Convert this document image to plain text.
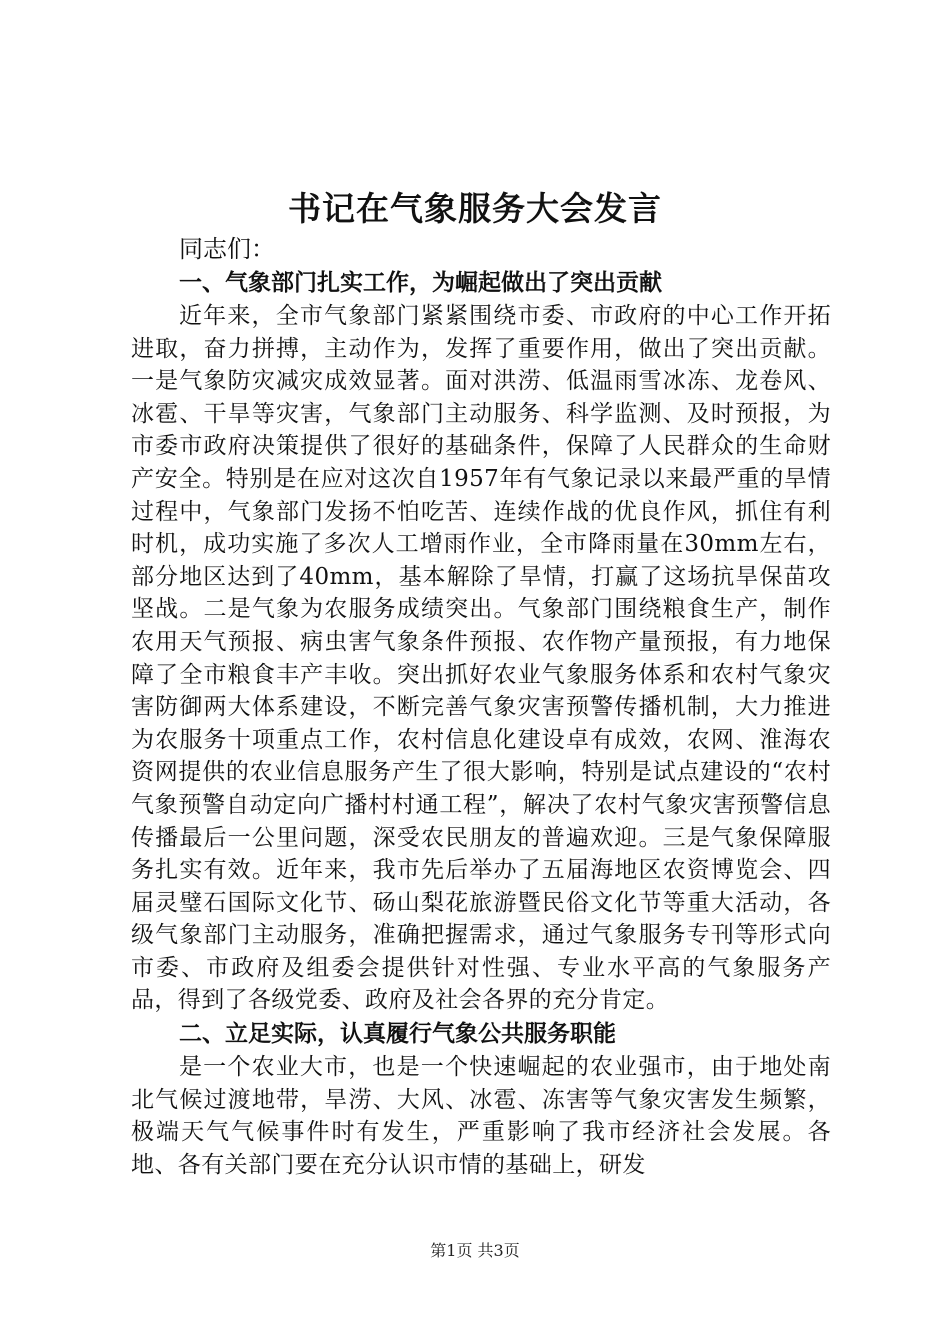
书记在气象服务大会发言

同志们：

一、气象部门扎实工作，为崛起做出了突出贡献

近年来，全市气象部门紧紧围绕市委、市政府的中心工作开拓进取，奋力拼搏，主动作为，发挥了重要作用，做出了突出贡献。一是气象防灾减灾成效显著。面对洪涝、低温雨雪冰冻、龙卷风、冰雹、干旱等灾害，气象部门主动服务、科学监测、及时预报，为市委市政府决策提供了很好的基础条件，保障了人民群众的生命财产安全。特别是在应对这次自1957年有气象记录以来最严重的旱情过程中，气象部门发扬不怕吃苦、连续作战的优良作风，抓住有利时机，成功实施了多次人工增雨作业，全市降雨量在30mm左右，部分地区达到了40mm，基本解除了旱情，打赢了这场抗旱保苗攻坚战。二是气象为农服务成绩突出。气象部门围绕粮食生产，制作农用天气预报、病虫害气象条件预报、农作物产量预报，有力地保障了全市粮食丰产丰收。突出抓好农业气象服务体系和农村气象灾害防御两大体系建设，不断完善气象灾害预警传播机制，大力推进为农服务十项重点工作，农村信息化建设卓有成效，农网、淮海农资网提供的农业信息服务产生了很大影响，特别是试点建设的“农村气象预警自动定向广播村村通工程”，解决了农村气象灾害预警信息传播最后一公里问题，深受农民朋友的普遍欢迎。三是气象保障服务扎实有效。近年来，我市先后举办了五届海地区农资博览会、四届灵璧石国际文化节、砀山梨花旅游暨民俗文化节等重大活动，各级气象部门主动服务，准确把握需求，通过气象服务专刊等形式向市委、市政府及组委会提供针对性强、专业水平高的气象服务产品，得到了各级党委、政府及社会各界的充分肯定。

二、立足实际，认真履行气象公共服务职能

是一个农业大市，也是一个快速崛起的农业强市，由于地处南北气候过渡地带，旱涝、大风、冰雹、冻害等气象灾害发生频繁，极端天气气候事件时有发生，严重影响了我市经济社会发展。各地、各有关部门要在充分认识市情的基础上，研发

第1页 共3页
